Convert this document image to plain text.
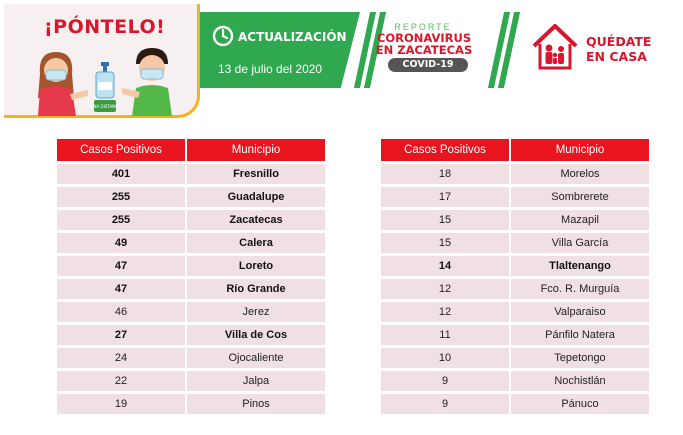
¡PÓNTELO!
SANA DISTANCIA
ACTUALIZACIÓN
13 de julio del 2020
REPORTE
CORONAVIRUS
EN ZACATECAS
COVID-19
QUÉDATE
EN CASA
Casos Positivos	Municipio
401	Fresnillo
255	Guadalupe
255	Zacatecas
49	Calera
47	Loreto
47	Río Grande
46	Jerez
27	Villa de Cos
24	Ojocaliente
22	Jalpa
19	Pinos
Casos Positivos	Municipio
18	Morelos
17	Sombrerete
15	Mazapil
15	Villa García
14	Tlaltenango
12	Fco. R. Murguía
12	Valparaiso
11	Pánfilo Natera
10	Tepetongo
9	Nochistlán
9	Pánuco
